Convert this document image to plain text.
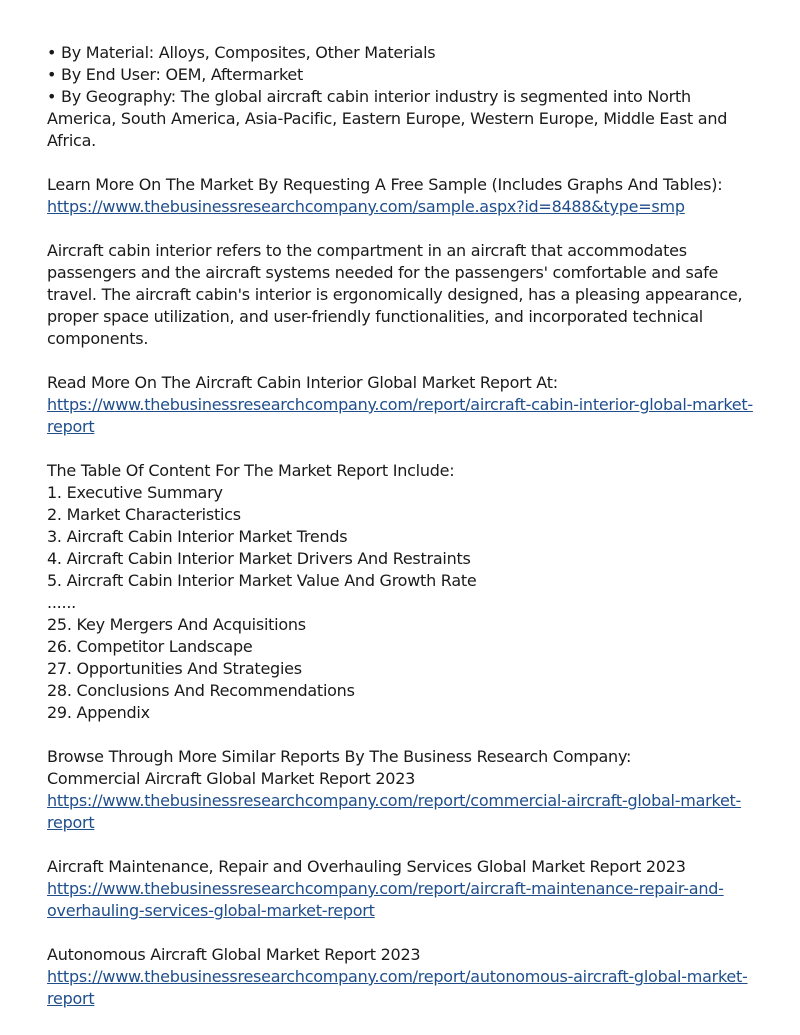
• By Material: Alloys, Composites, Other Materials
• By End User: OEM, Aftermarket
• By Geography: The global aircraft cabin interior industry is segmented into North America, South America, Asia-Pacific, Eastern Europe, Western Europe, Middle East and Africa.
Learn More On The Market By Requesting A Free Sample (Includes Graphs And Tables):
https://www.thebusinessresearchcompany.com/sample.aspx?id=8488&type=smp
Aircraft cabin interior refers to the compartment in an aircraft that accommodates passengers and the aircraft systems needed for the passengers' comfortable and safe travel. The aircraft cabin's interior is ergonomically designed, has a pleasing appearance, proper space utilization, and user-friendly functionalities, and incorporated technical components.
Read More On The Aircraft Cabin Interior Global Market Report At:
https://www.thebusinessresearchcompany.com/report/aircraft-cabin-interior-global-market-
report
The Table Of Content For The Market Report Include:
1. Executive Summary
2. Market Characteristics
3. Aircraft Cabin Interior Market Trends
4. Aircraft Cabin Interior Market Drivers And Restraints
5. Aircraft Cabin Interior Market Value And Growth Rate
......
25. Key Mergers And Acquisitions
26. Competitor Landscape
27. Opportunities And Strategies
28. Conclusions And Recommendations
29. Appendix
Browse Through More Similar Reports By The Business Research Company:
Commercial Aircraft Global Market Report 2023
https://www.thebusinessresearchcompany.com/report/commercial-aircraft-global-market-
report
Aircraft Maintenance, Repair and Overhauling Services Global Market Report 2023
https://www.thebusinessresearchcompany.com/report/aircraft-maintenance-repair-and-
overhauling-services-global-market-report
Autonomous Aircraft Global Market Report 2023
https://www.thebusinessresearchcompany.com/report/autonomous-aircraft-global-market-
report
